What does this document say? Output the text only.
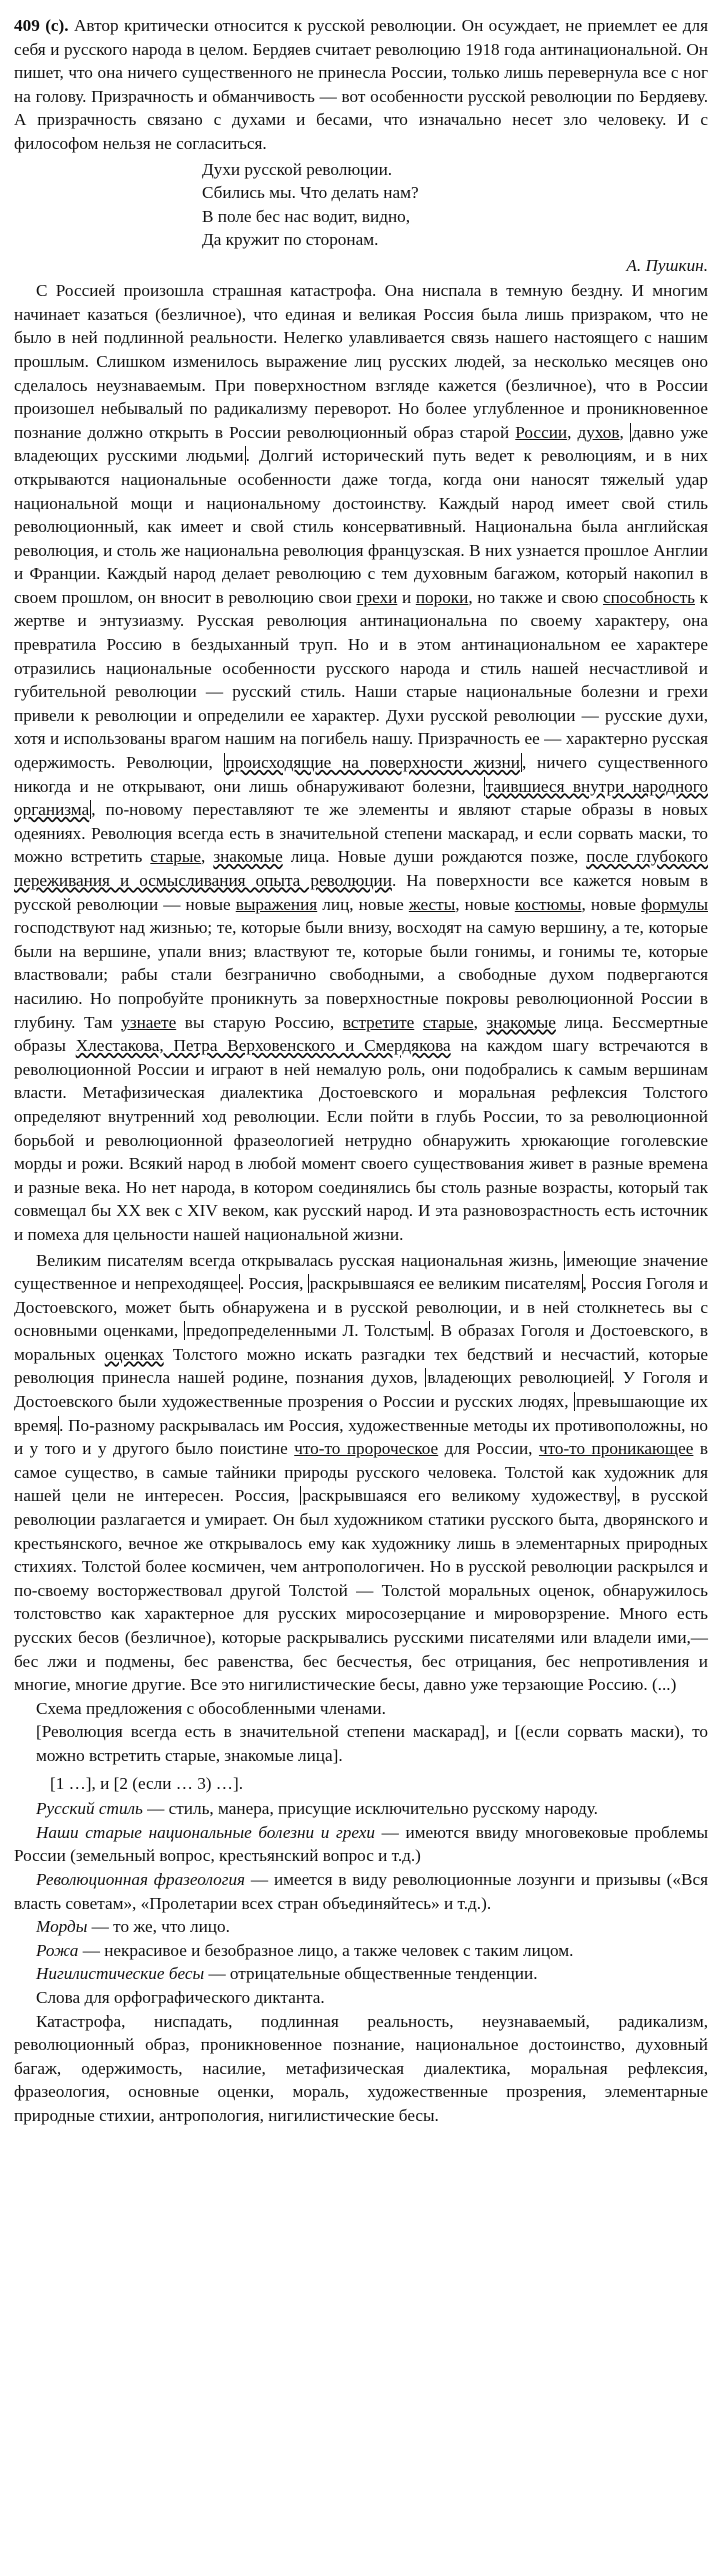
409 (с). Автор критически относится к русской революции. Он осуждает, не приемлет ее для себя и русского народа в целом. Бердяев считает революцию 1918 года антинациональной. Он пишет, что она ничего существенного не принесла России, только лишь перевернула все с ног на голову. Призрачность и обманчивость — вот особенности русской революции по Бердяеву. А призрачность связано с духами и бесами, что изначально несет зло человеку. И с философом нельзя не согласиться.

Духи русской революции.
Сбились мы. Что делать нам?
В поле бес нас водит, видно,
Да кружит по сторонам.
А. Пушкин.

С Россией произошла страшная катастрофа. Она ниспала в темную бездну. И многим начинает казаться (безличное), что единая и великая Россия была лишь призраком, что не было в ней подлинной реальности. Нелегко улавливается связь нашего настоящего с нашим прошлым. Слишком изменилось выражение лиц русских людей, за несколько месяцев оно сделалось неузнаваемым. При поверхностном взгляде кажется (безличное), что в России произошел небывалый по радикализму переворот. Но более углубленное и проникновенное познание должно открыть в России революционный образ старой России, духов, давно уже владеющих русскими людьми . Долгий исторический путь ведет к революциям, и в них открываются национальные особенности даже тогда, когда они наносят тяжелый удар национальной мощи и национальному достоинству. Каждый народ имеет свой стиль революционный, как имеет и свой стиль консервативный. Национальна была английская революция, и столь же национальна революция французская. В них узнается прошлое Англии и Франции. Каждый народ делает революцию с тем духовным багажом, который накопил в своем прошлом, он вносит в революцию свои грехи и пороки, но также и свою способность к жертве и энтузиазму. Русская революция антинациональна по своему характеру, она превратила Россию в бездыханный труп. Но и в этом антинациональном ее характере отразились национальные особенности русского народа и стиль нашей несчастливой и губительной революции — русский стиль. Наши старые национальные болезни и грехи привели к революции и определили ее характер. Духи русской революции — русские духи, хотя и использованы врагом нашим на погибель нашу. Призрачность ее — характерно русская одержимость. Революции, происходящие на поверхности жизни , ничего существенного никогда и не открывают, они лишь обнаруживают болезни, таившиеся внутри народного организма , по-новому переставляют те же элементы и являют старые образы в новых одеяниях. Революция всегда есть в значительной степени маскарад, и если сорвать маски, то можно встретить старые, знакомые лица. Новые души рождаются позже, после глубокого переживания и осмысливания опыта революции. На поверхности все кажется новым в русской революции — новые выражения лиц, новые жесты, новые костюмы, новые формулы господствуют над жизнью; те, которые были внизу, восходят на самую вершину, а те, которые были на вершине, упали вниз; властвуют те, которые были гонимы, и гонимы те, которые властвовали; рабы стали безгранично свободными, а свободные духом подвергаются насилию. Но попробуйте проникнуть за поверхностные покровы революционной России в глубину. Там узнаете вы старую Россию, встретите старые, знакомые лица. Бессмертные образы Хлестакова, Петра Верховенского и Смердякова на каждом шагу встречаются в революционной России и играют в ней немалую роль, они подобрались к самым вершинам власти. Метафизическая диалектика Достоевского и моральная рефлексия Толстого определяют внутренний ход революции. Если пойти в глубь России, то за революционной борьбой и революционной фразеологией нетрудно обнаружить хрюкающие гоголевские морды и рожи. Всякий народ в любой момент своего существования живет в разные времена и разные века. Но нет народа, в котором соединялись бы столь разные возрасты, который так совмещал бы XX век с XIV веком, как русский народ. И эта разновозрастность есть источник и помеха для цельности нашей национальной жизни.

Великим писателям всегда открывалась русская национальная жизнь, имеющие значение существенное и непреходящее . Россия, раскрывшаяся ее великим писателям , Россия Гоголя и Достоевского, может быть обнаружена и в русской революции, и в ней столкнетесь вы с основными оценками, предопределенными Л. Толстым . В образах Гоголя и Достоевского, в моральных оценках Толстого можно искать разгадки тех бедствий и несчастий, которые революция принесла нашей родине, познания духов, владеющих революцией . У Гоголя и Достоевского были художественные прозрения о России и русских людях, превышающие их время . По-разному раскрывалась им Россия, художественные методы их противоположны, но и у того и у другого было поистине что-то пророческое для России, что-то проникающее в самое существо, в самые тайники природы русского человека. Толстой как художник для нашей цели не интересен. Россия, раскрывшаяся его великому художеству , в русской революции разлагается и умирает. Он был художником статики русского быта, дворянского и крестьянского, вечное же открывалось ему как художнику лишь в элементарных природных стихиях. Толстой более космичен, чем антропологичен. Но в русской революции раскрылся и по-своему восторжествовал другой Толстой — Толстой моральных оценок, обнаружилось толстовство как характерное для русских миросозерцание и мироворзрение. Много есть русских бесов (безличное), которые раскрывались русскими писателями или владели ими,— бес лжи и подмены, бес равенства, бес бесчестья, бес отрицания, бес непротивления и многие, многие другие. Все это нигилистические бесы, давно уже терзающие Россию. (...)

Схема предложения с обособленными членами.

[Революция всегда есть в значительной степени маскарад], и [(если сорвать маски), то можно встретить старые, знакомые лица].

[1 …], и [2 (если … 3) …].

Русский стиль — стиль, манера, присущие исключительно русскому народу.

Наши старые национальные болезни и грехи — имеются ввиду многовековые проблемы России (земельный вопрос, крестьянский вопрос и т.д.)

Революционная фразеология — имеется в виду революционные лозунги и призывы («Вся власть советам», «Пролетарии всех стран объединяйтесь» и т.д.).

Морды — то же, что лицо.

Рожа — некрасивое и безобразное лицо, а также человек с таким лицом.

Нигилистические бесы — отрицательные общественные тенденции.

Слова для орфографического диктанта.

Катастрофа, ниспадать, подлинная реальность, неузнаваемый, радикализм, революционный образ, проникновенное познание, национальное достоинство, духовный багаж, одержимость, насилие, метафизическая диалектика, моральная рефлексия, фразеология, основные оценки, мораль, художественные прозрения, элементарные природные стихии, антропология, нигилистические бесы.
